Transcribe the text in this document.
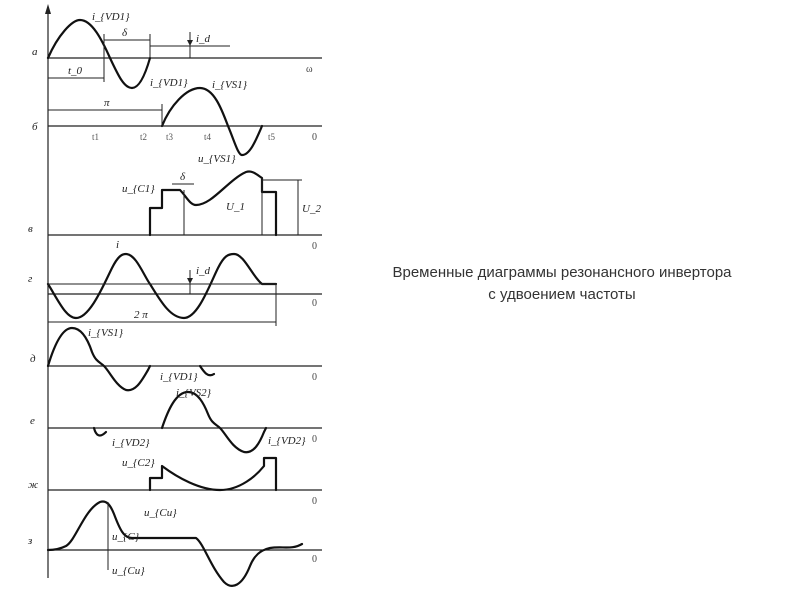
a
ω
i_d
δ
t_0
i_{VD1}
i_{VD1}
б
0
π
i_{VS1}
t1	t2 t3	t4	t5
в
0
δ
u_{C1}
u_{VS1}
U_1	U_2
г
0
i_d
i
2 π
д
0
i_{VS1}
i_{VD1}
е
0
i_{VS2}
i_{VD2}	i_{VD2}
ж
0
u_{C2}
з
0
u_{Cu}
u_{C}
u_{Cu}
Временные диаграммы резонансного инвертора
с удвоением частоты
